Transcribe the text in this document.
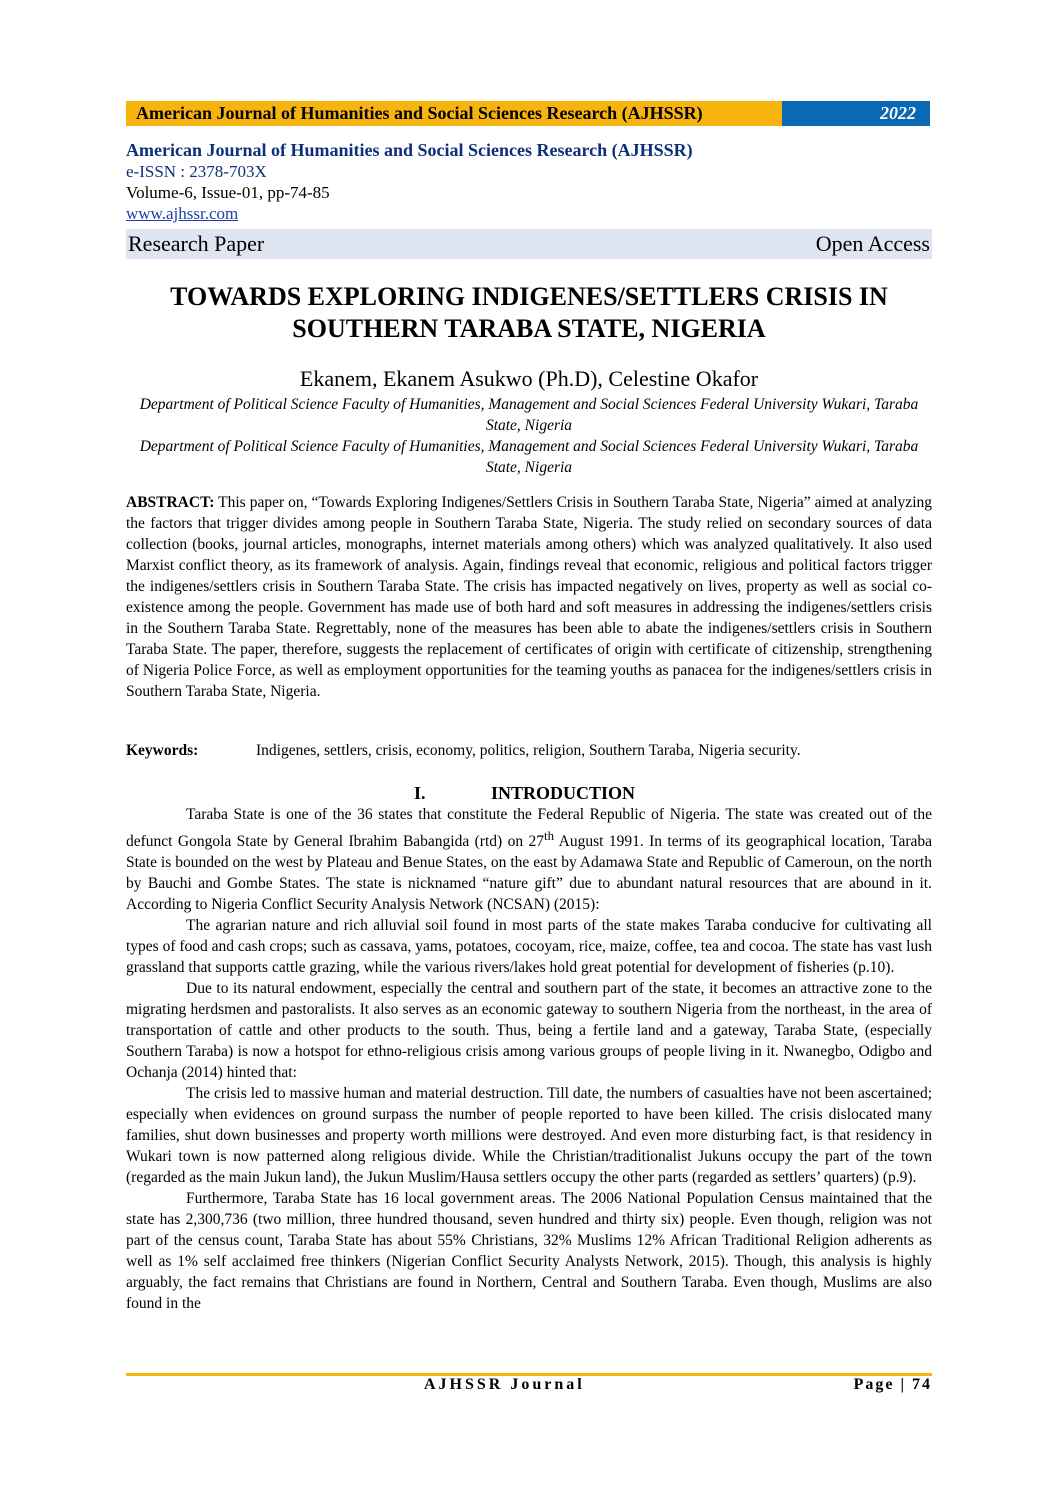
American Journal of Humanities and Social Sciences Research (AJHSSR)	2022
American Journal of Humanities and Social Sciences Research (AJHSSR)
e-ISSN : 2378-703X
Volume-6, Issue-01, pp-74-85
www.ajhssr.com
Research Paper	Open Access
TOWARDS EXPLORING INDIGENES/SETTLERS CRISIS IN
SOUTHERN TARABA STATE, NIGERIA
Ekanem, Ekanem Asukwo (Ph.D), Celestine Okafor
Department of Political Science Faculty of Humanities, Management and Social Sciences Federal University Wukari, Taraba State, Nigeria
Department of Political Science Faculty of Humanities, Management and Social Sciences Federal University Wukari, Taraba State, Nigeria

ABSTRACT: This paper on, “Towards Exploring Indigenes/Settlers Crisis in Southern Taraba State, Nigeria” aimed at analyzing the factors that trigger divides among people in Southern Taraba State, Nigeria. The study relied on secondary sources of data collection (books, journal articles, monographs, internet materials among others) which was analyzed qualitatively. It also used Marxist conflict theory, as its framework of analysis. Again, findings reveal that economic, religious and political factors trigger the indigenes/settlers crisis in Southern Taraba State. The crisis has impacted negatively on lives, property as well as social co-existence among the people. Government has made use of both hard and soft measures in addressing the indigenes/settlers crisis in the Southern Taraba State. Regrettably, none of the measures has been able to abate the indigenes/settlers crisis in Southern Taraba State. The paper, therefore, suggests the replacement of certificates of origin with certificate of citizenship, strengthening of Nigeria Police Force, as well as employment opportunities for the teaming youths as panacea for the indigenes/settlers crisis in Southern Taraba State, Nigeria.

Keywords:	Indigenes, settlers, crisis, economy, politics, religion, Southern Taraba, Nigeria security.
I.	INTRODUCTION

Taraba State is one of the 36 states that constitute the Federal Republic of Nigeria. The state was created out of the defunct Gongola State by General Ibrahim Babangida (rtd) on 27th August 1991. In terms of its geographical location, Taraba State is bounded on the west by Plateau and Benue States, on the east by Adamawa State and Republic of Cameroun, on the north by Bauchi and Gombe States. The state is nicknamed “nature gift” due to abundant natural resources that are abound in it. According to Nigeria Conflict Security Analysis Network (NCSAN) (2015):

The agrarian nature and rich alluvial soil found in most parts of the state makes Taraba conducive for cultivating all types of food and cash crops; such as cassava, yams, potatoes, cocoyam, rice, maize, coffee, tea and cocoa. The state has vast lush grassland that supports cattle grazing, while the various rivers/lakes hold great potential for development of fisheries (p.10).

Due to its natural endowment, especially the central and southern part of the state, it becomes an attractive zone to the migrating herdsmen and pastoralists. It also serves as an economic gateway to southern Nigeria from the northeast, in the area of transportation of cattle and other products to the south. Thus, being a fertile land and a gateway, Taraba State, (especially Southern Taraba) is now a hotspot for ethno-religious crisis among various groups of people living in it. Nwanegbo, Odigbo and Ochanja (2014) hinted that:

The crisis led to massive human and material destruction. Till date, the numbers of casualties have not been ascertained; especially when evidences on ground surpass the number of people reported to have been killed. The crisis dislocated many families, shut down businesses and property worth millions were destroyed. And even more disturbing fact, is that residency in Wukari town is now patterned along religious divide. While the Christian/traditionalist Jukuns occupy the part of the town (regarded as the main Jukun land), the Jukun Muslim/Hausa settlers occupy the other parts (regarded as settlers’ quarters) (p.9).

Furthermore, Taraba State has 16 local government areas. The 2006 National Population Census maintained that the state has 2,300,736 (two million, three hundred thousand, seven hundred and thirty six) people. Even though, religion was not part of the census count, Taraba State has about 55% Christians, 32% Muslims 12% African Traditional Religion adherents as well as 1% self acclaimed free thinkers (Nigerian Conflict Security Analysts Network, 2015). Though, this analysis is highly arguably, the fact remains that Christians are found in Northern, Central and Southern Taraba. Even though, Muslims are also found in the

AJHSSR Journal	Page | 74
